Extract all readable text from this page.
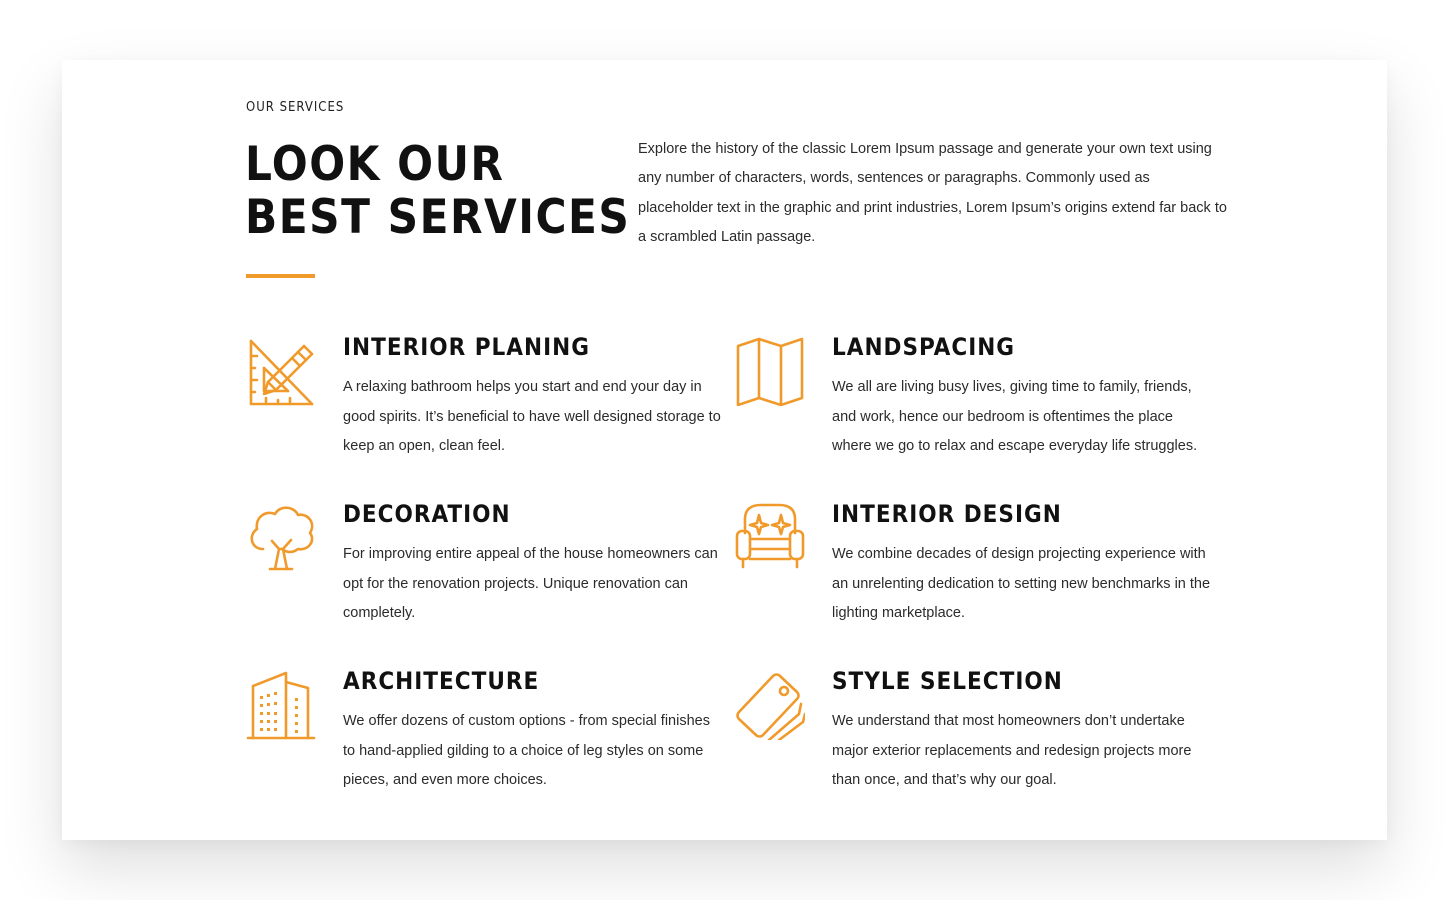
OUR SERVICES
LOOK OUR
BEST SERVICES

Explore the history of the classic Lorem Ipsum passage and generate your own text using any number of characters, words, sentences or paragraphs. Commonly used as placeholder text in the graphic and print industries, Lorem Ipsum’s origins extend far back to a scrambled Latin passage.

INTERIOR PLANING

A relaxing bathroom helps you start and end your day in good spirits. It’s beneficial to have well designed storage to keep an open, clean feel.

LANDSPACING

We all are living busy lives, giving time to family, friends, and work, hence our bedroom is oftentimes the place where we go to relax and escape everyday life struggles.

DECORATION

For improving entire appeal of the house homeowners can opt for the renovation projects. Unique renovation can completely.

INTERIOR DESIGN

We combine decades of design projecting experience with an unrelenting dedication to setting new benchmarks in the lighting marketplace.

ARCHITECTURE

We offer dozens of custom options - from special finishes to hand-applied gilding to a choice of leg styles on some pieces, and even more choices.

STYLE SELECTION

We understand that most homeowners don’t undertake major exterior replacements and redesign projects more than once, and that’s why our goal.
